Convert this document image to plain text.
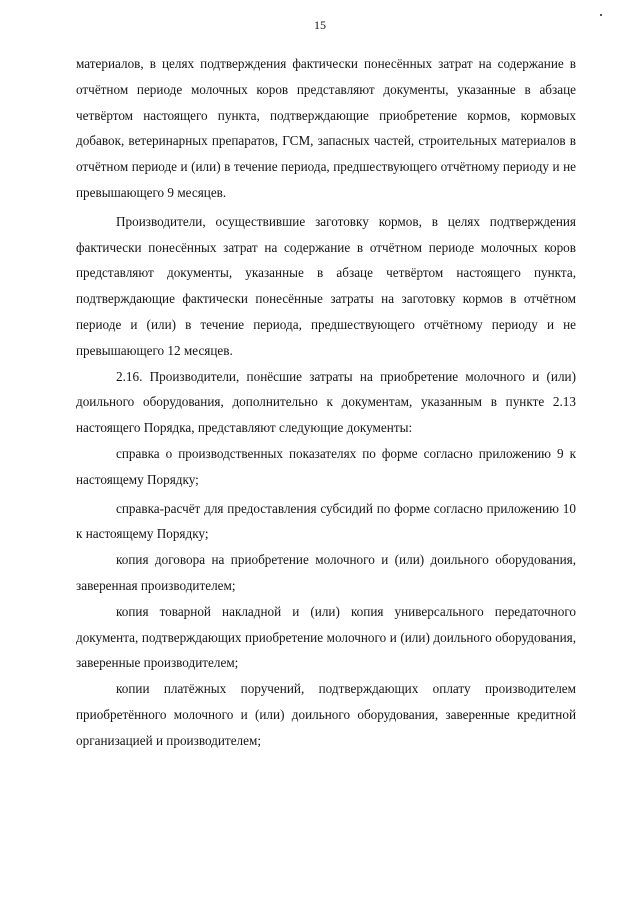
15

материалов, в целях подтверждения фактически понесённых затрат на содержание в отчётном периоде молочных коров представляют документы, указанные в абзаце четвёртом настоящего пункта, подтверждающие приобретение кормов, кормовых добавок, ветеринарных препаратов, ГСМ, запасных частей, строительных материалов в отчётном периоде и (или) в течение периода, предшествующего отчётному периоду и не превышающего 9 месяцев.

Производители, осуществившие заготовку кормов, в целях подтверждения фактически понесённых затрат на содержание в отчётном периоде молочных коров представляют документы, указанные в абзаце четвёртом настоящего пункта, подтверждающие фактически понесённые затраты на заготовку кормов в отчётном периоде и (или) в течение периода, предшествующего отчётному периоду и не превышающего 12 месяцев.

2.16. Производители, понёсшие затраты на приобретение молочного и (или) доильного оборудования, дополнительно к документам, указанным в пункте 2.13 настоящего Порядка, представляют следующие документы:

справка о производственных показателях по форме согласно приложению 9 к настоящему Порядку;

справка-расчёт для предоставления субсидий по форме согласно приложению 10 к настоящему Порядку;

копия договора на приобретение молочного и (или) доильного оборудования, заверенная производителем;

копия товарной накладной и (или) копия универсального передаточного документа, подтверждающих приобретение молочного и (или) доильного оборудования, заверенные производителем;

копии платёжных поручений, подтверждающих оплату производителем приобретённого молочного и (или) доильного оборудования, заверенные кредитной организацией и производителем;
